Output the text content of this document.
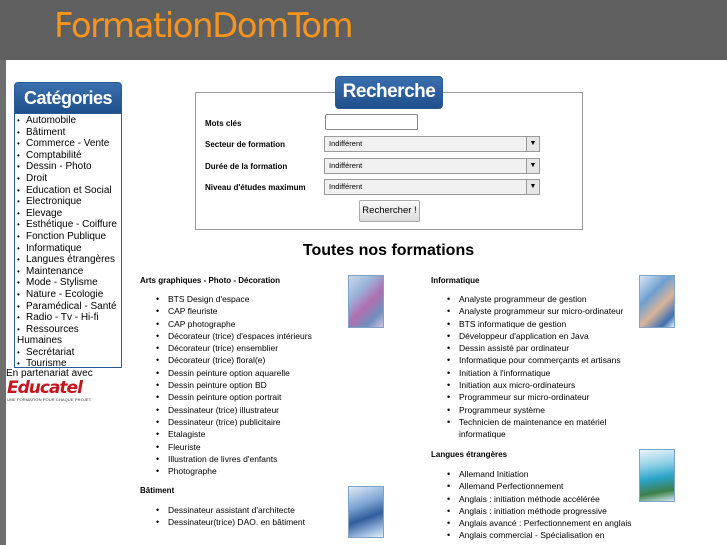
FormationDomTom
Catégories
• Automobile
• Bâtiment
• Commerce - Vente
• Comptabilité
• Dessin - Photo
• Droit
• Education et Social
• Electronique
• Elevage
• Esthétique - Coiffure
• Fonction Publique
• Informatique
• Langues étrangères
• Maintenance
• Mode - Stylisme
• Nature - Ecologie
• Paramédical - Santé
• Radio - Tv - Hi-fi
• Ressources Humaines
• Secrétariat
• Tourisme
En partenariat avec
Educatel
UNE FORMATION POUR CHAQUE PROJET
Mots clés
Secteur de formation	Indifférent	▼
Durée de la formation	Indifférent	▼
Niveau d'études maximum	Indifférent	▼
Rechercher !
Recherche
Toutes nos formations
Arts graphiques - Photo - Décoration
• BTS Design d'espace
• CAP fleuriste
• CAP photographe
• Décorateur (trice) d'espaces intérieurs
• Décorateur (trice) ensemblier
• Décorateur (trice) floral(e)
• Dessin peinture option aquarelle
• Dessin peinture option BD
• Dessin peinture option portrait
• Dessinateur (trice) illustrateur
• Dessinateur (trice) publicitaire
• Etalagiste
• Fleuriste
• Illustration de livres d'enfants
• Photographe
Bâtiment
• Dessinateur assistant d'architecte
• Dessinateur(trice) DAO. en bâtiment
Informatique
• Analyste programmeur de gestion
• Analyste programmeur sur micro-ordinateur
• BTS informatique de gestion
• Développeur d'application en Java
• Dessin assisté par ordinateur
• Informatique pour commerçants et artisans
• Initiation à l'informatique
• Initiation aux micro-ordinateurs
• Programmeur sur micro-ordinateur
• Programmeur système
• Technicien de maintenance en matériel informatique
Langues étrangères
• Allemand Initiation
• Allemand Perfectionnement
• Anglais : initiation méthode accélérée
• Anglais : initiation méthode progressive
• Anglais avancé : Perfectionnement en anglais
• Anglais commercial - Spécialisation en
